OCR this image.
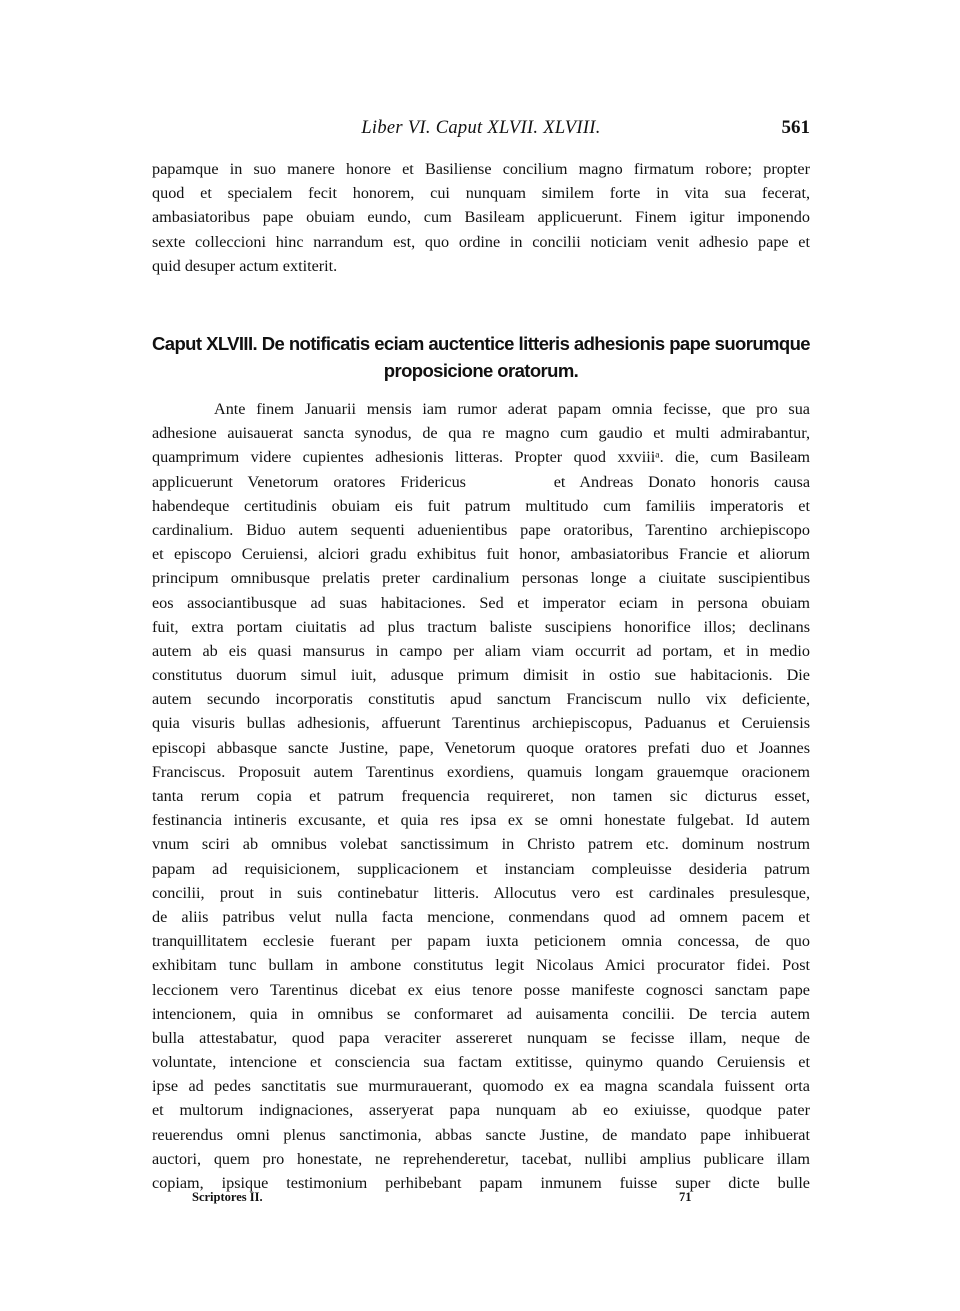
Liber VI. Caput XLVII. XLVIII.	561
papamque in suo manere honore et Basiliense concilium magno firmatum robore; propter
quod et specialem fecit honorem, cui nunquam similem forte in vita sua fecerat,
ambasiatoribus pape obuiam eundo, cum Basileam applicuerunt. Finem igitur imponendo
sexte colleccioni hinc narrandum est, quo ordine in concilii noticiam venit adhesio pape et
quid desuper actum extiterit.
Caput XLVIII. De notificatis eciam auctentice litteris adhesionis pape suorumque
proposicione oratorum.
Ante finem Januarii mensis iam rumor aderat papam omnia fecisse, que pro sua
adhesione auisauerat sancta synodus, de qua re magno cum gaudio et multi admirabantur,
quamprimum videre cupientes adhesionis litteras. Propter quod xxviiiᵃ. die, cum Basileam
applicuerunt Venetorum oratores Fridericus	et Andreas Donato honoris causa
habendeque certitudinis obuiam eis fuit patrum multitudo cum familiis imperatoris et
cardinalium. Biduo autem sequenti aduenientibus pape oratoribus, Tarentino archiepiscopo
et episcopo Ceruiensi, alciori gradu exhibitus fuit honor, ambasiatoribus Francie et aliorum
principum omnibusque prelatis preter cardinalium personas longe a ciuitate suscipientibus
eos associantibusque ad suas habitaciones. Sed et imperator eciam in persona obuiam
fuit, extra portam ciuitatis ad plus tractum baliste suscipiens honorifice illos; declinans
autem ab eis quasi mansurus in campo per aliam viam occurrit ad portam, et in medio
constitutus duorum simul iuit, adusque primum dimisit in ostio sue habitacionis. Die
autem secundo incorporatis constitutis apud sanctum Franciscum nullo vix deficiente,
quia visuris bullas adhesionis, affuerunt Tarentinus archiepiscopus, Paduanus et Ceruiensis
episcopi abbasque sancte Justine, pape, Venetorum quoque oratores prefati duo et Joannes
Franciscus. Proposuit autem Tarentinus exordiens, quamuis longam grauemque oracionem
tanta rerum copia et patrum frequencia requireret, non tamen sic dicturus esset,
festinancia intineris excusante, et quia res ipsa ex se omni honestate fulgebat. Id autem
vnum sciri ab omnibus volebat sanctissimum in Christo patrem etc. dominum nostrum
papam ad requisicionem, supplicacionem et instanciam compleuisse desideria patrum
concilii, prout in suis continebatur litteris. Allocutus vero est cardinales presulesque,
de aliis patribus velut nulla facta mencione, conmendans quod ad omnem pacem et
tranquillitatem ecclesie fuerant per papam iuxta peticionem omnia concessa, de quo
exhibitam tunc bullam in ambone constitutus legit Nicolaus Amici procurator fidei. Post
leccionem vero Tarentinus dicebat ex eius tenore posse manifeste cognosci sanctam pape
intencionem, quia in omnibus se conformaret ad auisamenta concilii. De tercia autem
bulla attestabatur, quod papa veraciter assereret nunquam se fecisse illam, neque de
voluntate, intencione et consciencia sua factam extitisse, quinymo quando Ceruiensis et
ipse ad pedes sanctitatis sue murmurauerant, quomodo ex ea magna scandala fuissent orta
et multorum indignaciones, asserуerat papa nunquam ab eo exiuisse, quodque pater
reuerendus omni plenus sanctimonia, abbas sancte Justine, de mandato pape inhibuerat
auctori, quem pro honestate, ne reprehenderetur, tacebat, nullibi amplius publicare illam
copiam, ipsique testimonium perhibebant papam inmunem fuisse super dicte bulle
Scriptores II.	71
